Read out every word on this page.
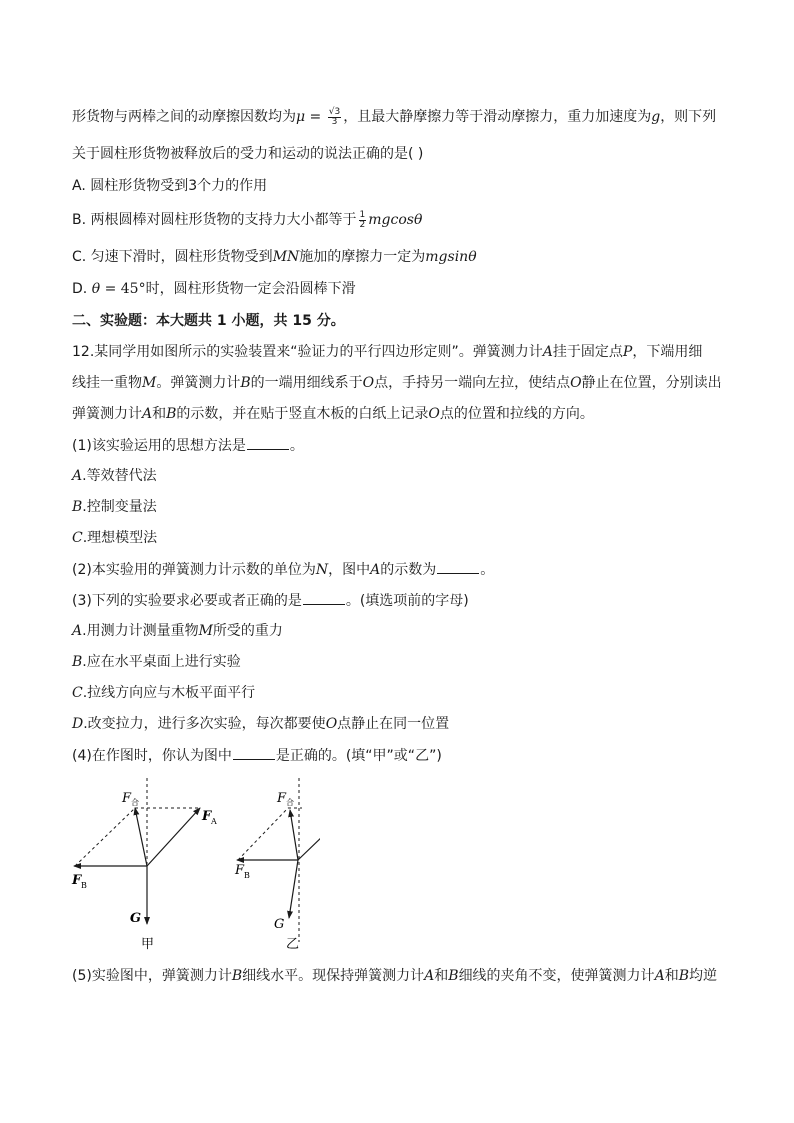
形货物与两棒之间的动摩擦因数均为$\mu = \frac{√3}{3}$ ，且最大静摩擦力等于滑动摩擦力，重力加速度为g，则下列
关于圆柱形货物被释放后的受力和运动的说法正确的是( )
A. 圆柱形货物受到3个力的作用
B. 两根圆棒对圆柱形货物的支持力大小都等于 $\frac{1}{2}$ mgcosθ
C. 匀速下滑时，圆柱形货物受到MN施加的摩擦力一定为mgsinθ
D. θ = 45°时，圆柱形货物一定会沿圆棒下滑
二、实验题：本大题共 1 小题，共 15 分。
12.某同学用如图所示的实验装置来“验证力的平行四边形定则”。弹簧测力计A挂于固定点P，下端用细
线挂一重物M。弹簧测力计B的一端用细线系于O点，手持另一端向左拉，使结点O静止在位置，分别读出
弹簧测力计A和B的示数，并在贴于竖直木板的白纸上记录O点的位置和拉线的方向。
(1)该实验运用的思想方法是	。
A.等效替代法
B.控制变量法
C.理想模型法
(2)本实验用的弹簧测力计示数的单位为N，图中A的示数为	。
(3)下列的实验要求必要或者正确的是	。(填选项前的字母)
A.用测力计测量重物M所受的重力
B.应在水平桌面上进行实验
C.拉线方向应与木板平面平行
D.改变拉力，进行多次实验，每次都要使O点静止在同一位置
(4)在作图时，你认为图中	是正确的。(填“甲”或“乙”)
F 合
F A
F B
G
甲
F 合
F B
G
乙
(5)实验图中，弹簧测力计B细线水平。现保持弹簧测力计A和B细线的夹角不变，使弹簧测力计A和B均逆
